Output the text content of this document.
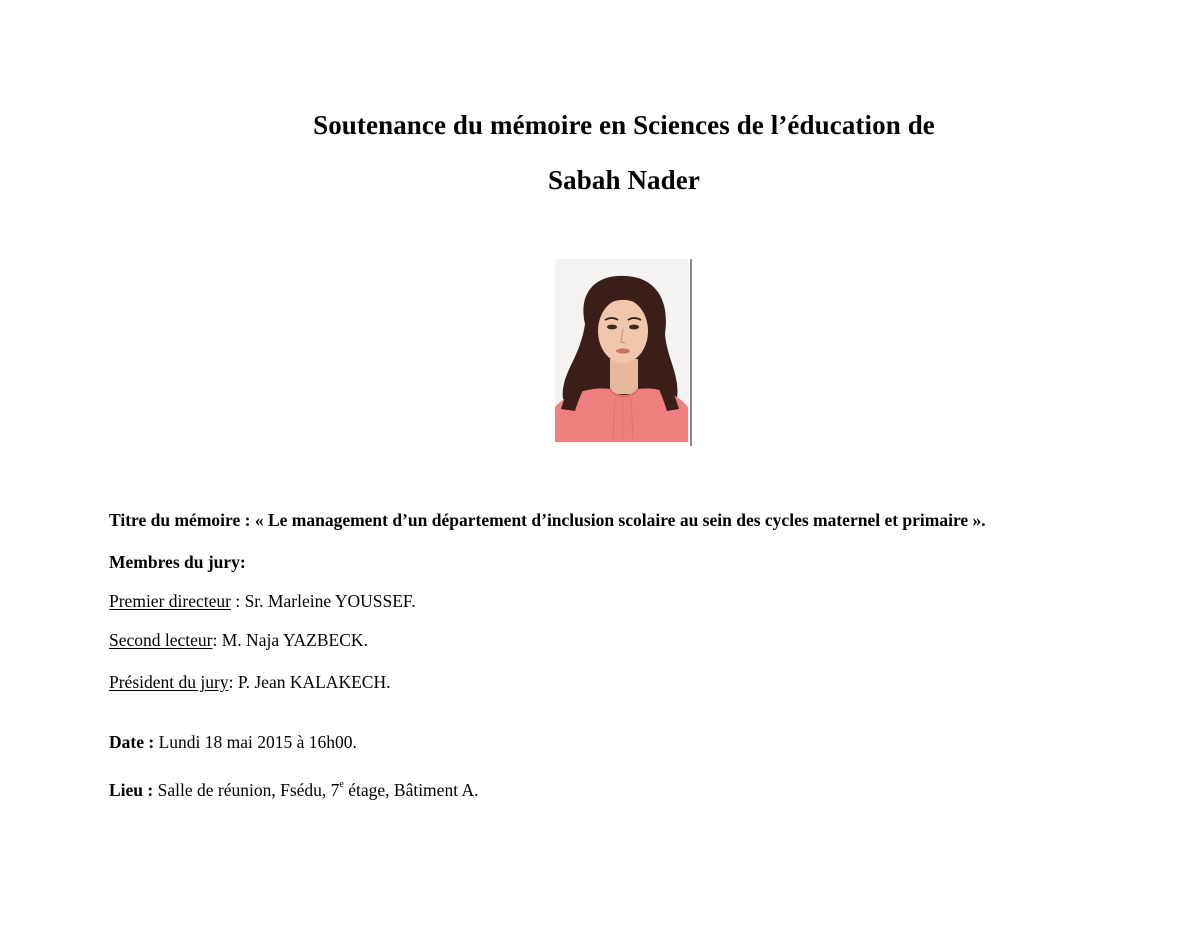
Soutenance du mémoire en Sciences de l’éducation de
Sabah Nader
Titre du mémoire : « Le management d’un département d’inclusion scolaire au sein des cycles maternel et primaire ».
Membres du jury:
Premier directeur : Sr. Marleine YOUSSEF.
Second lecteur: M. Naja YAZBECK.
Président du jury: P. Jean KALAKECH.
Date : Lundi 18 mai 2015 à 16h00.
Lieu : Salle de réunion, Fsédu, 7e étage, Bâtiment A.
